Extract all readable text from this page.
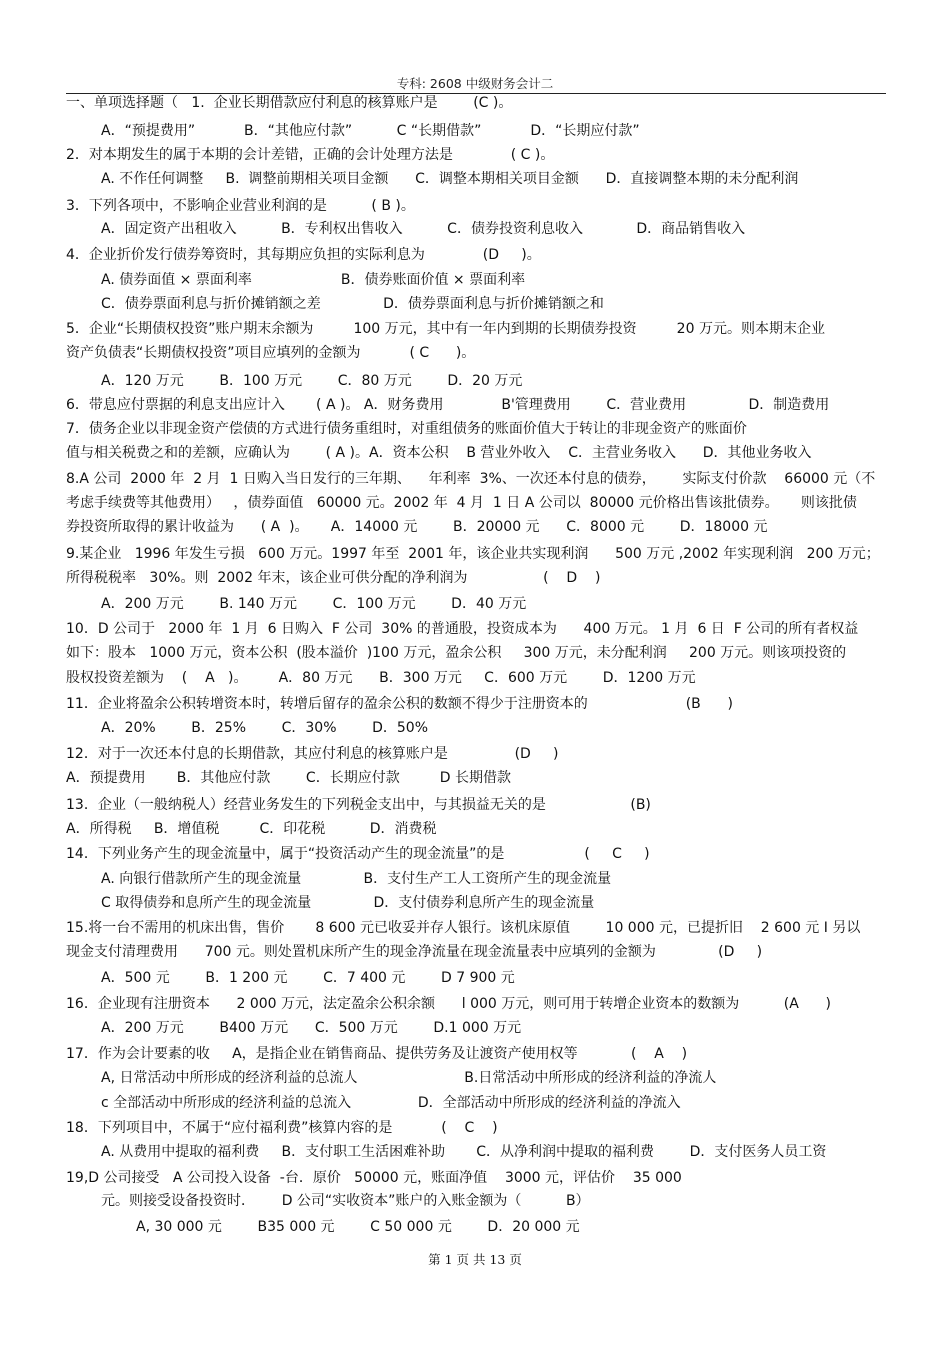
专科: 2608 中级财务会计二
一、单项选择题（   1.  企业长期借款应付利息的核算账户是        (C )。
A．“预提费用”           B．“其他应付款”          C “长期借款”           D．“长期应付款”
2．对本期发生的属于本期的会计差错，正确的会计处理方法是             ( C )。
A. 不作任何调整     B.  调整前期相关项目金额      C．调整本期相关项目金额      D．直接调整本期的未分配利润
3．下列各项中，不影响企业营业利润的是          ( B )。
A．固定资产出租收入          B．专利权出售收入          C．债券投资利息收入            D．商品销售收入
4．企业折价发行债券筹资时，其每期应负担的实际利息为             (D     )。
A. 债券面值 × 票面利率                    B．债券账面价值 × 票面利率
C．债券票面利息与折价摊销额之差              D．债券票面利息与折价摊销额之和
5．企业“长期债权投资”账户期末余额为         100 万元，其中有一年内到期的长期债券投资         20 万元。则本期末企业
资产负债表“长期债权投资”项目应填列的金额为           ( C      )。
A．120 万元        B．100 万元        C．80 万元        D．20 万元
6．带息应付票据的利息支出应计入       ( A )。 A．财务费用             B'管理费用        C．营业费用              D．制造费用
7．债务企业以非现金资产偿债的方式进行债务重组时，对重组债务的账面价值大于转让的非现金资产的账面价
值与相关税费之和的差额，应确认为        ( A )。A．资本公积    B 营业外收入    C．主营业务收入      D．其他业务收入
8.A 公司  2000 年  2 月  1 日购入当日发行的三年期、    年利率  3%、一次还本付息的债券，      实际支付价款    66000 元（不
考虑手续费等其他费用）   ，债券面值   60000 元。2002 年  4 月  1 日 A 公司以  80000 元价格出售该批债券。     则该批债
券投资所取得的累计收益为      ( A  )。     A．14000 元        B．20000 元      C．8000 元        D．18000 元
9.某企业   1996 年发生亏损   600 万元。1997 年至  2001 年，该企业共实现利润      500 万元 ,2002 年实现利润   200 万元；
所得税税率   30%。则  2002 年末，该企业可供分配的净利润为                 (    D    )
A．200 万元        B. 140 万元        C．100 万元        D．40 万元
10．D 公司于   2000 年  1 月  6 日购入  F 公司  30% 的普通股，投资成本为      400 万元。 1 月  6 日  F 公司的所有者权益
如下：股本   1000 万元，资本公积  (股本溢价  )100 万元，盈余公积     300 万元，未分配利润     200 万元。则该项投资的
股权投资差额为    (    A   )。       A．80 万元      B．300 万元     C．600 万元        D．1200 万元
11．企业将盈余公积转增资本时，转增后留存的盈余公积的数额不得少于注册资本的                      (B      )
A．20%        B．25%        C．30%        D．50%
12．对于一次还本付息的长期借款，其应付利息的核算账户是               (D     )
A．预提费用       B．其他应付款        C．长期应付款         D 长期借款
13．企业（一般纳税人）经营业务发生的下列税金支出中，与其损益无关的是                   (B)
A．所得税     B．增值税         C．印花税          D．消费税
14．下列业务产生的现金流量中，属于“投资活动产生的现金流量”的是                  (     C     )
A. 向银行借款所产生的现金流量              B．支付生产工人工资所产生的现金流量
C 取得债券和息所产生的现金流量              D．支付债券利息所产生的现金流量
15.将一台不需用的机床出售，售价       8 600 元已收妥并存人银行。该机床原值        10 000 元，已提折旧    2 600 元 I 另以
现金支付清理费用      700 元。则处置机床所产生的现金净流量在现金流量表中应填列的金额为              (D     )
A．500 元        B．1 200 元        C．7 400 元        D 7 900 元
16．企业现有注册资本      2 000 万元，法定盈余公积余额      l 000 万元，则可用于转增企业资本的数额为          (A      )
A．200 万元        B400 万元      C．500 万元        D.1 000 万元
17．作为会计要素的收     A，是指企业在销售商品、提供劳务及让渡资产使用权等            (    A    )
A, 日常活动中所形成的经济利益的总流人                        B.日常活动中所形成的经济利益的净流人
c 全部活动中所形成的经济利益的总流入               D．全部活动中所形成的经济利益的净流入
18．下列项目中，不属于“应付福利费”核算内容的是           (    C    )
A. 从费用中提取的福利费     B．支付职工生活困难补助       C．从净利润中提取的福利费        D．支付医务人员工资
19,D 公司接受   A 公司投入设备  -台．原价   50000 元，账面净值    3000 元，评估价    35 000
元。则接受设备投资时．      D 公司“实收资本”账户的入账金额为（          B）
A, 30 000 元        B35 000 元        C 50 000 元        D．20 000 元
第 1 页 共 13 页
